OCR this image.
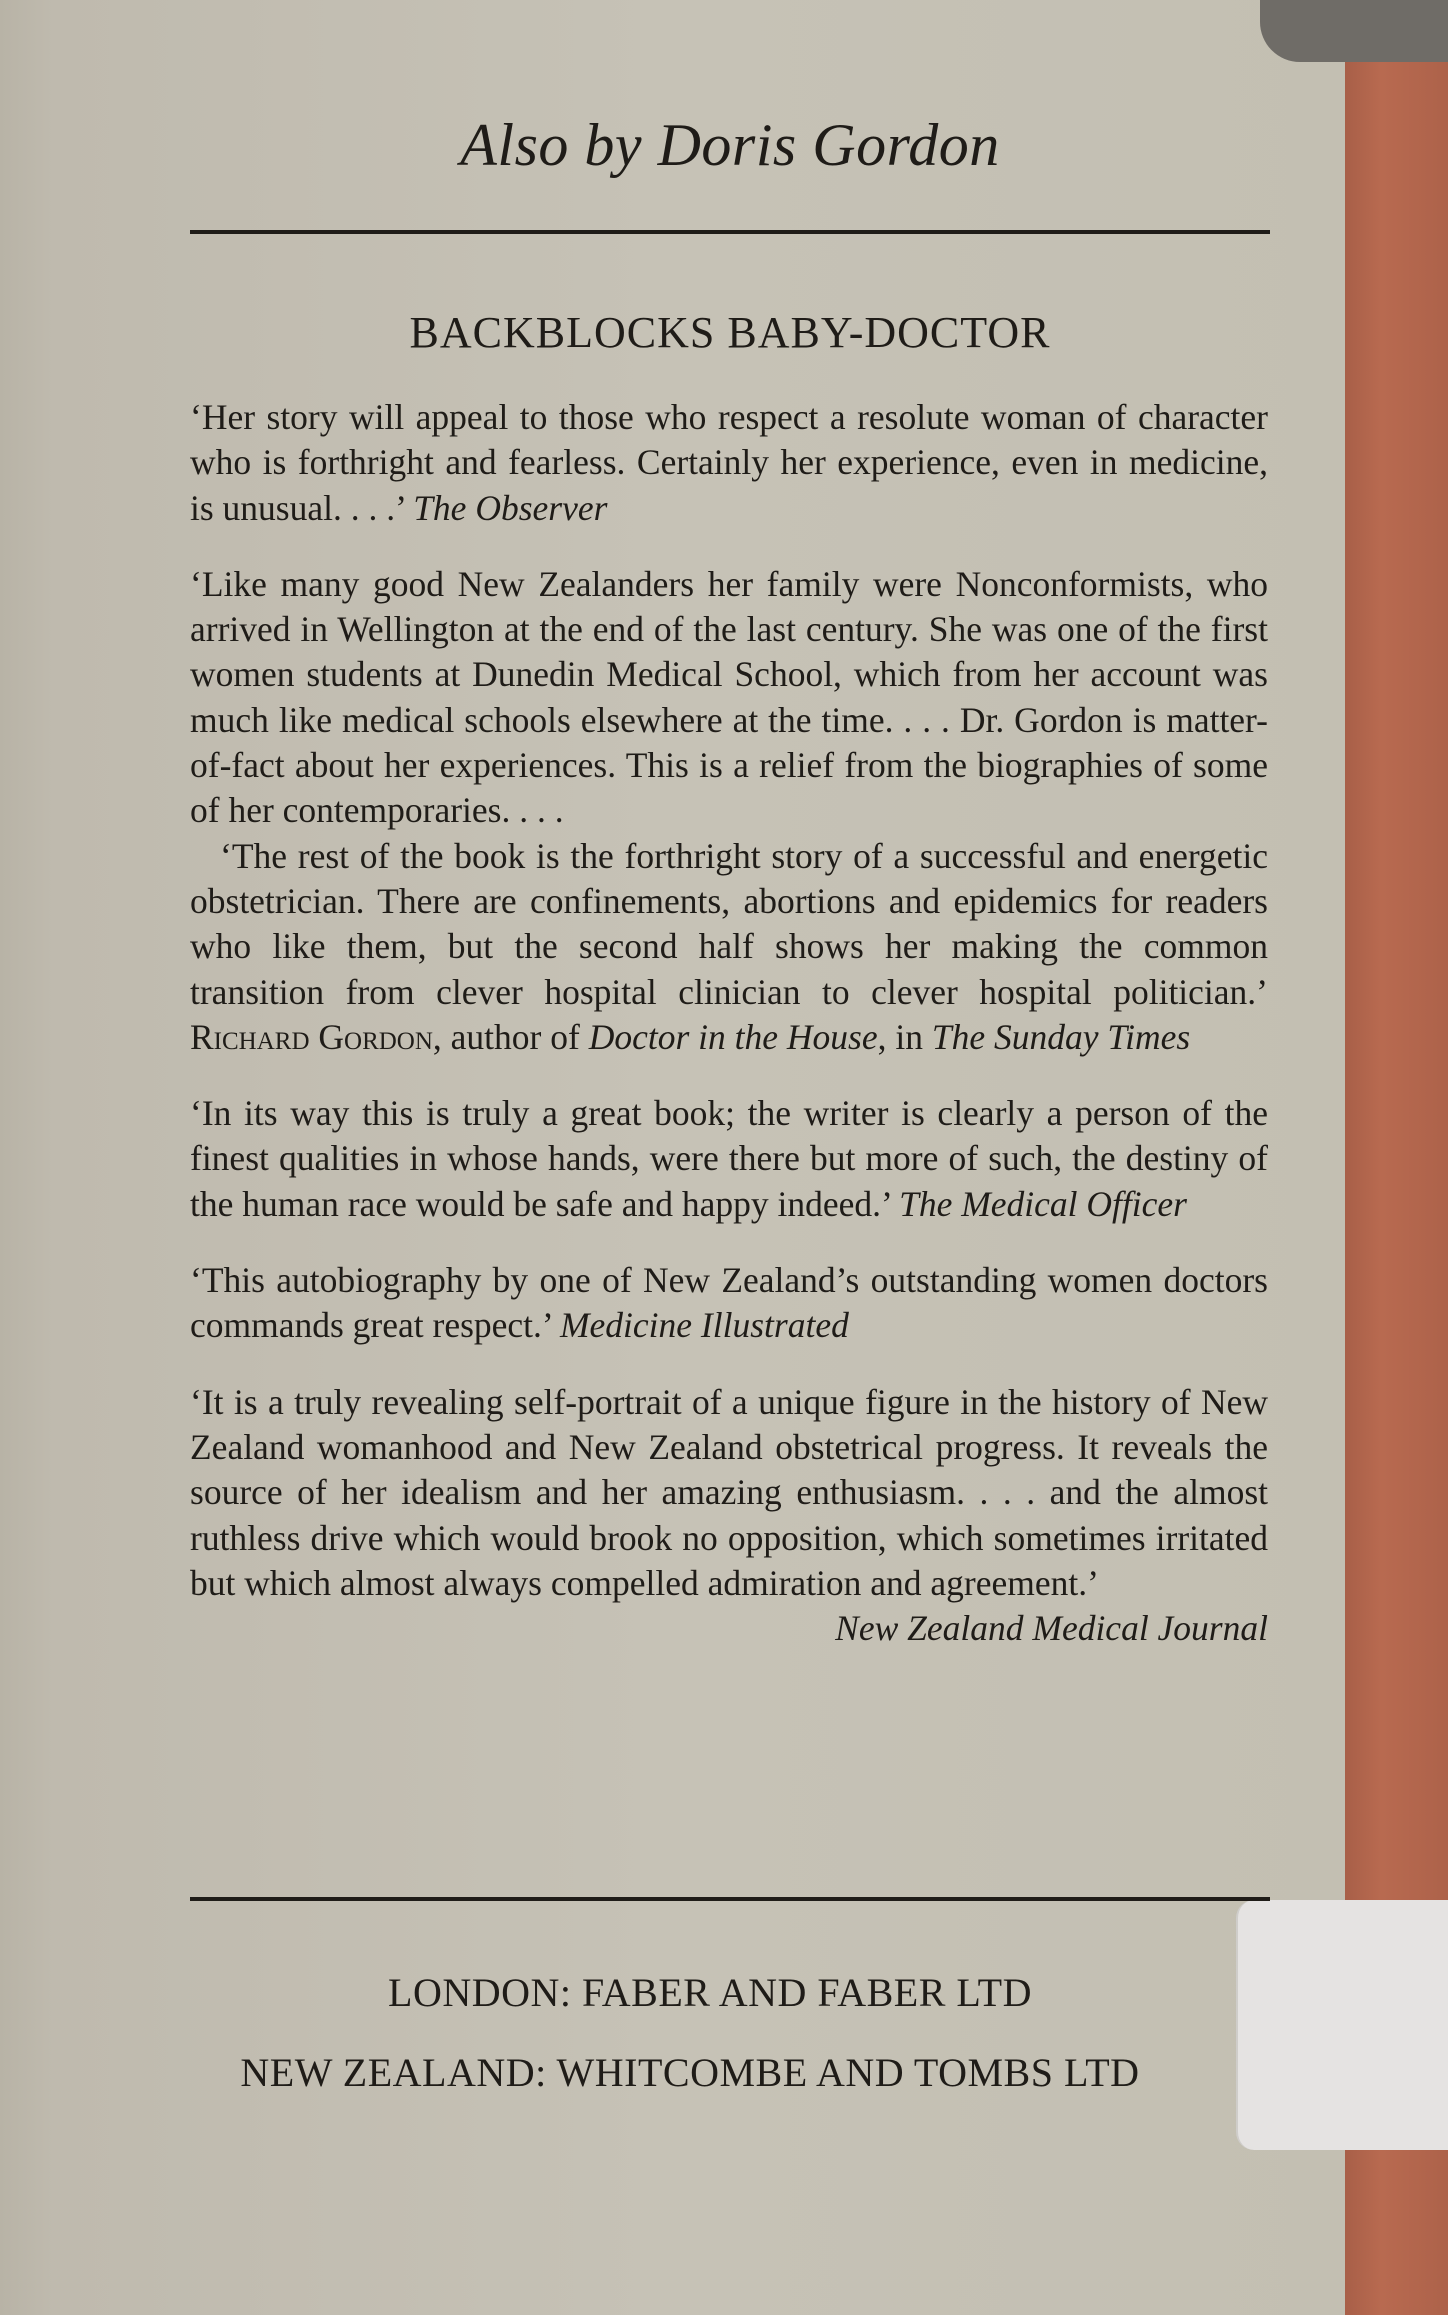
Also by Doris Gordon
BACKBLOCKS BABY-DOCTOR

‘Her story will appeal to those who respect a resolute woman of character who is forthright and fearless. Certainly her experience, even in medicine, is unusual. . . .’ The Observer

‘Like many good New Zealanders her family were Nonconformists, who arrived in Wellington at the end of the last century. She was one of the first women students at Dunedin Medical School, which from her account was much like medical schools elsewhere at the time. . . . Dr. Gordon is matter-of-fact about her experiences. This is a relief from the biographies of some of her contemporaries. . . .

‘The rest of the book is the forthright story of a successful and energetic obstetrician. There are confinements, abortions and epidemics for readers who like them, but the second half shows her making the common transition from clever hospital clinician to clever hospital politician.’ Richard Gordon, author of Doctor in the House, in The Sunday Times

‘In its way this is truly a great book; the writer is clearly a person of the finest qualities in whose hands, were there but more of such, the destiny of the human race would be safe and happy indeed.’ The Medical Officer

‘This autobiography by one of New Zealand’s outstanding women doctors commands great respect.’ Medicine Illustrated

‘It is a truly revealing self-portrait of a unique figure in the history of New Zealand womanhood and New Zealand obstetrical progress. It reveals the source of her idealism and her amazing enthusiasm. . . . and the almost ruthless drive which would brook no opposition, which sometimes irritated but which almost always compelled admiration and agreement.’
New Zealand Medical Journal

LONDON: FABER AND FABER LTD
NEW ZEALAND: WHITCOMBE AND TOMBS LTD
